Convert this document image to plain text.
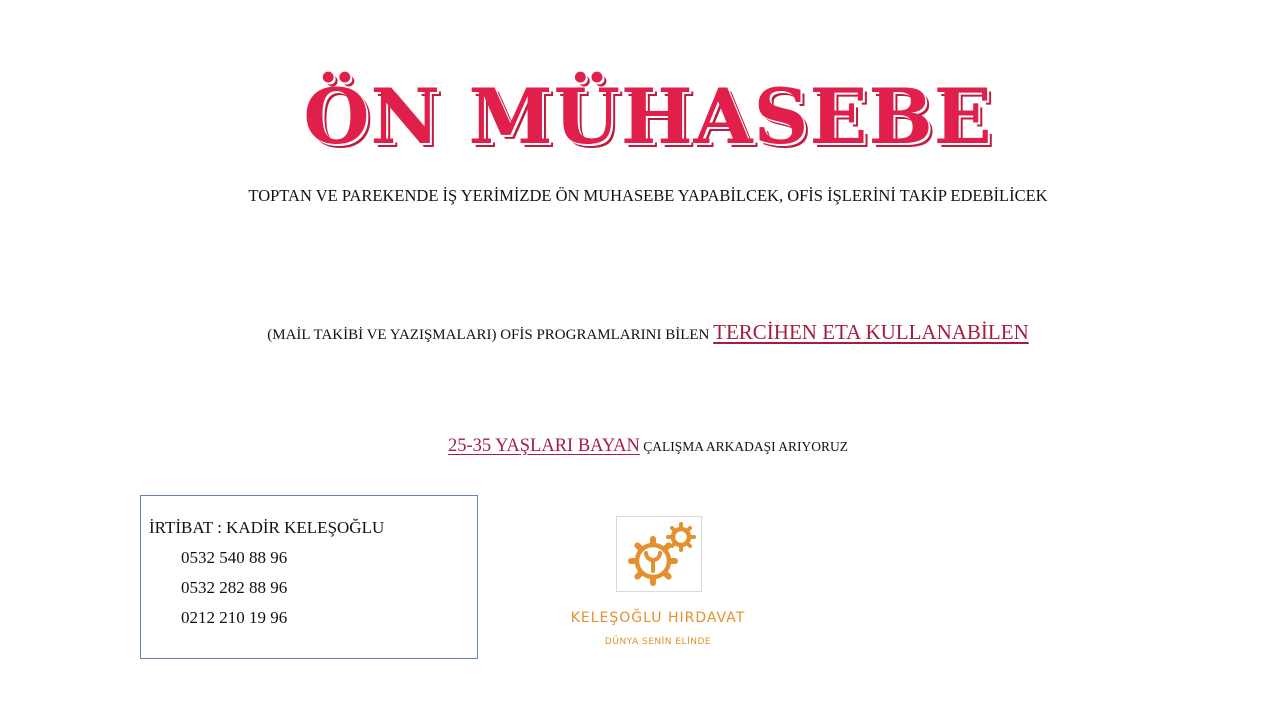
ÖN MÜHASEBE
TOPTAN VE PAREKENDE İŞ YERİMİZDE ÖN MUHASEBE YAPABİLCEK, OFİS İŞLERİNİ TAKİP EDEBİLİCEK
(MAİL TAKİBİ VE YAZIŞMALARI) OFİS PROGRAMLARINI BİLEN TERCİHEN ETA KULLANABİLEN
25-35 YAŞLARI BAYAN ÇALIŞMA ARKADAŞI ARIYORUZ
İRTİBAT : KADİR KELEŞOĞLU
0532 540 88 96
0532 282 88 96
0212 210 19 96	KELEŞOĞLU HIRDAVAT
DÜNYA SENİN ELİNDE
